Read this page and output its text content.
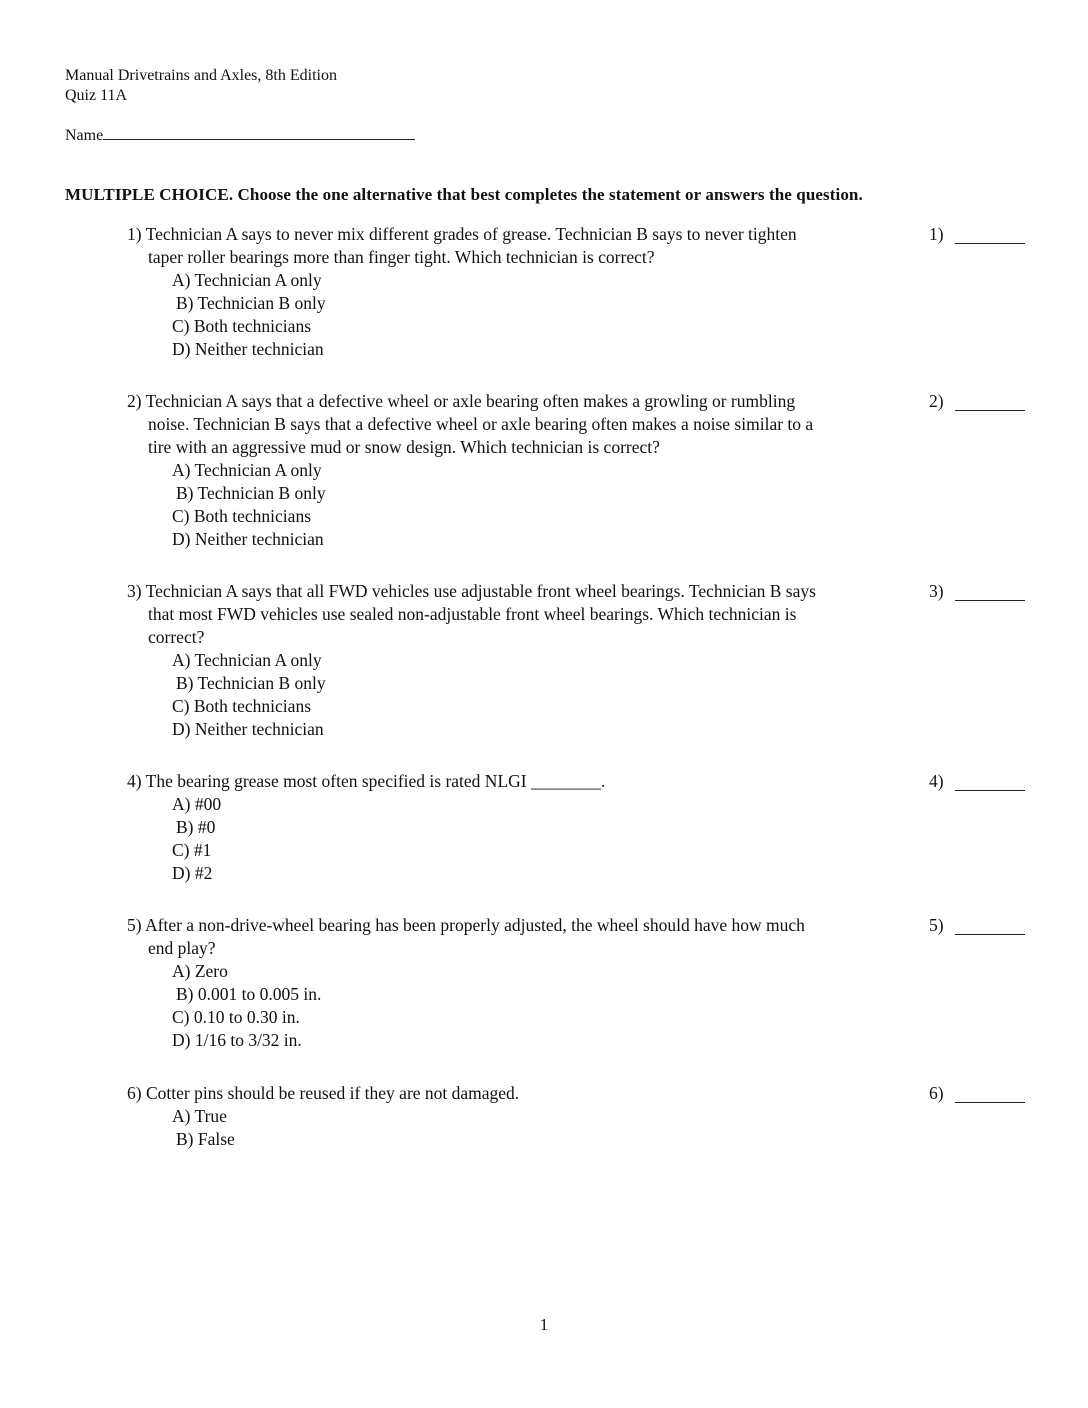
Manual Drivetrains and Axles, 8th Edition
Quiz 11A
Name
MULTIPLE CHOICE. Choose the one alternative that best completes the statement or answers the question.
1) Technician A says to never mix different grades of grease. Technician B says to never tighten
taper roller bearings more than finger tight. Which technician is correct?
A) Technician A only
B) Technician B only
C) Both technicians
D) Neither technician
1)
2) Technician A says that a defective wheel or axle bearing often makes a growling or rumbling
noise. Technician B says that a defective wheel or axle bearing often makes a noise similar to a
tire with an aggressive mud or snow design. Which technician is correct?
A) Technician A only
B) Technician B only
C) Both technicians
D) Neither technician
2)
3) Technician A says that all FWD vehicles use adjustable front wheel bearings. Technician B says
that most FWD vehicles use sealed non-adjustable front wheel bearings. Which technician is
correct?
A) Technician A only
B) Technician B only
C) Both technicians
D) Neither technician
3)
4) The bearing grease most often specified is rated NLGI ________.
A) #00
B) #0
C) #1
D) #2
4)
5) After a non-drive-wheel bearing has been properly adjusted, the wheel should have how much
end play?
A) Zero
B) 0.001 to 0.005 in.
C) 0.10 to 0.30 in.
D) 1/16 to 3/32 in.
5)
6) Cotter pins should be reused if they are not damaged.
A) True
B) False
6)
1
